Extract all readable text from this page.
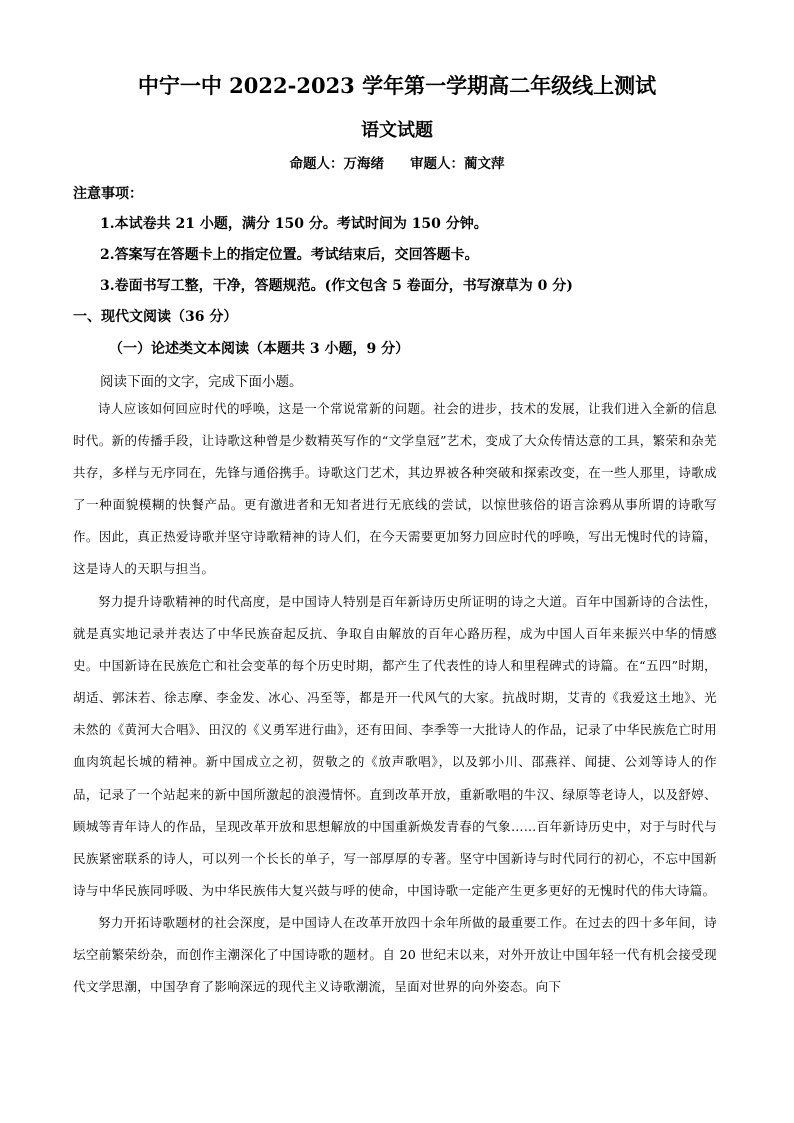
中宁一中 2022-2023 学年第一学期高二年级线上测试
语文试题
命题人：万海绪 审题人：蔺文萍
注意事项：
1.本试卷共 21 小题，满分 150 分。考试时间为 150 分钟。
2.答案写在答题卡上的指定位置。考试结束后，交回答题卡。
3.卷面书写工整，干净，答题规范。(作文包含 5 卷面分，书写潦草为 0 分)
一、现代文阅读（36 分）
（一）论述类文本阅读（本题共 3 小题，9 分）
阅读下面的文字，完成下面小题。
诗人应该如何回应时代的呼唤，这是一个常说常新的问题。社会的进步，技术的发展，让我们进入全新的信息时代。新的传播手段，让诗歌这种曾是少数精英写作的“文学皇冠”艺术，变成了大众传情达意的工具，繁荣和杂芜共存，多样与无序同在，先锋与通俗携手。诗歌这门艺术，其边界被各种突破和探索改变，在一些人那里，诗歌成了一种面貌模糊的快餐产品。更有激进者和无知者进行无底线的尝试，以惊世骇俗的语言涂鸦从事所谓的诗歌写作。因此，真正热爱诗歌并坚守诗歌精神的诗人们，在今天需要更加努力回应时代的呼唤，写出无愧时代的诗篇，这是诗人的天职与担当。
努力提升诗歌精神的时代高度，是中国诗人特别是百年新诗历史所证明的诗之大道。百年中国新诗的合法性，就是真实地记录并表达了中华民族奋起反抗、争取自由解放的百年心路历程，成为中国人百年来振兴中华的情感史。中国新诗在民族危亡和社会变革的每个历史时期，都产生了代表性的诗人和里程碑式的诗篇。在“五四”时期，胡适、郭沫若、徐志摩、李金发、冰心、冯至等，都是开一代风气的大家。抗战时期，艾青的《我爱这土地》、光未然的《黄河大合唱》、田汉的《义勇军进行曲》，还有田间、李季等一大批诗人的作品，记录了中华民族危亡时用血肉筑起长城的精神。新中国成立之初，贺敬之的《放声歌唱》，以及郭小川、邵燕祥、闻捷、公刘等诗人的作品，记录了一个站起来的新中国所激起的浪漫情怀。直到改革开放，重新歌唱的牛汉、绿原等老诗人，以及舒婷、顾城等青年诗人的作品，呈现改革开放和思想解放的中国重新焕发青春的气象……百年新诗历史中，对于与时代与民族紧密联系的诗人，可以列一个长长的单子，写一部厚厚的专著。坚守中国新诗与时代同行的初心，不忘中国新诗与中华民族同呼吸、为中华民族伟大复兴鼓与呼的使命，中国诗歌一定能产生更多更好的无愧时代的伟大诗篇。
努力开拓诗歌题材的社会深度，是中国诗人在改革开放四十余年所做的最重要工作。在过去的四十多年间，诗坛空前繁荣纷杂，而创作主潮深化了中国诗歌的题材。自 20 世纪末以来，对外开放让中国年轻一代有机会接受现代文学思潮，中国孕育了影响深远的现代主义诗歌潮流，呈面对世界的向外姿态。向下
